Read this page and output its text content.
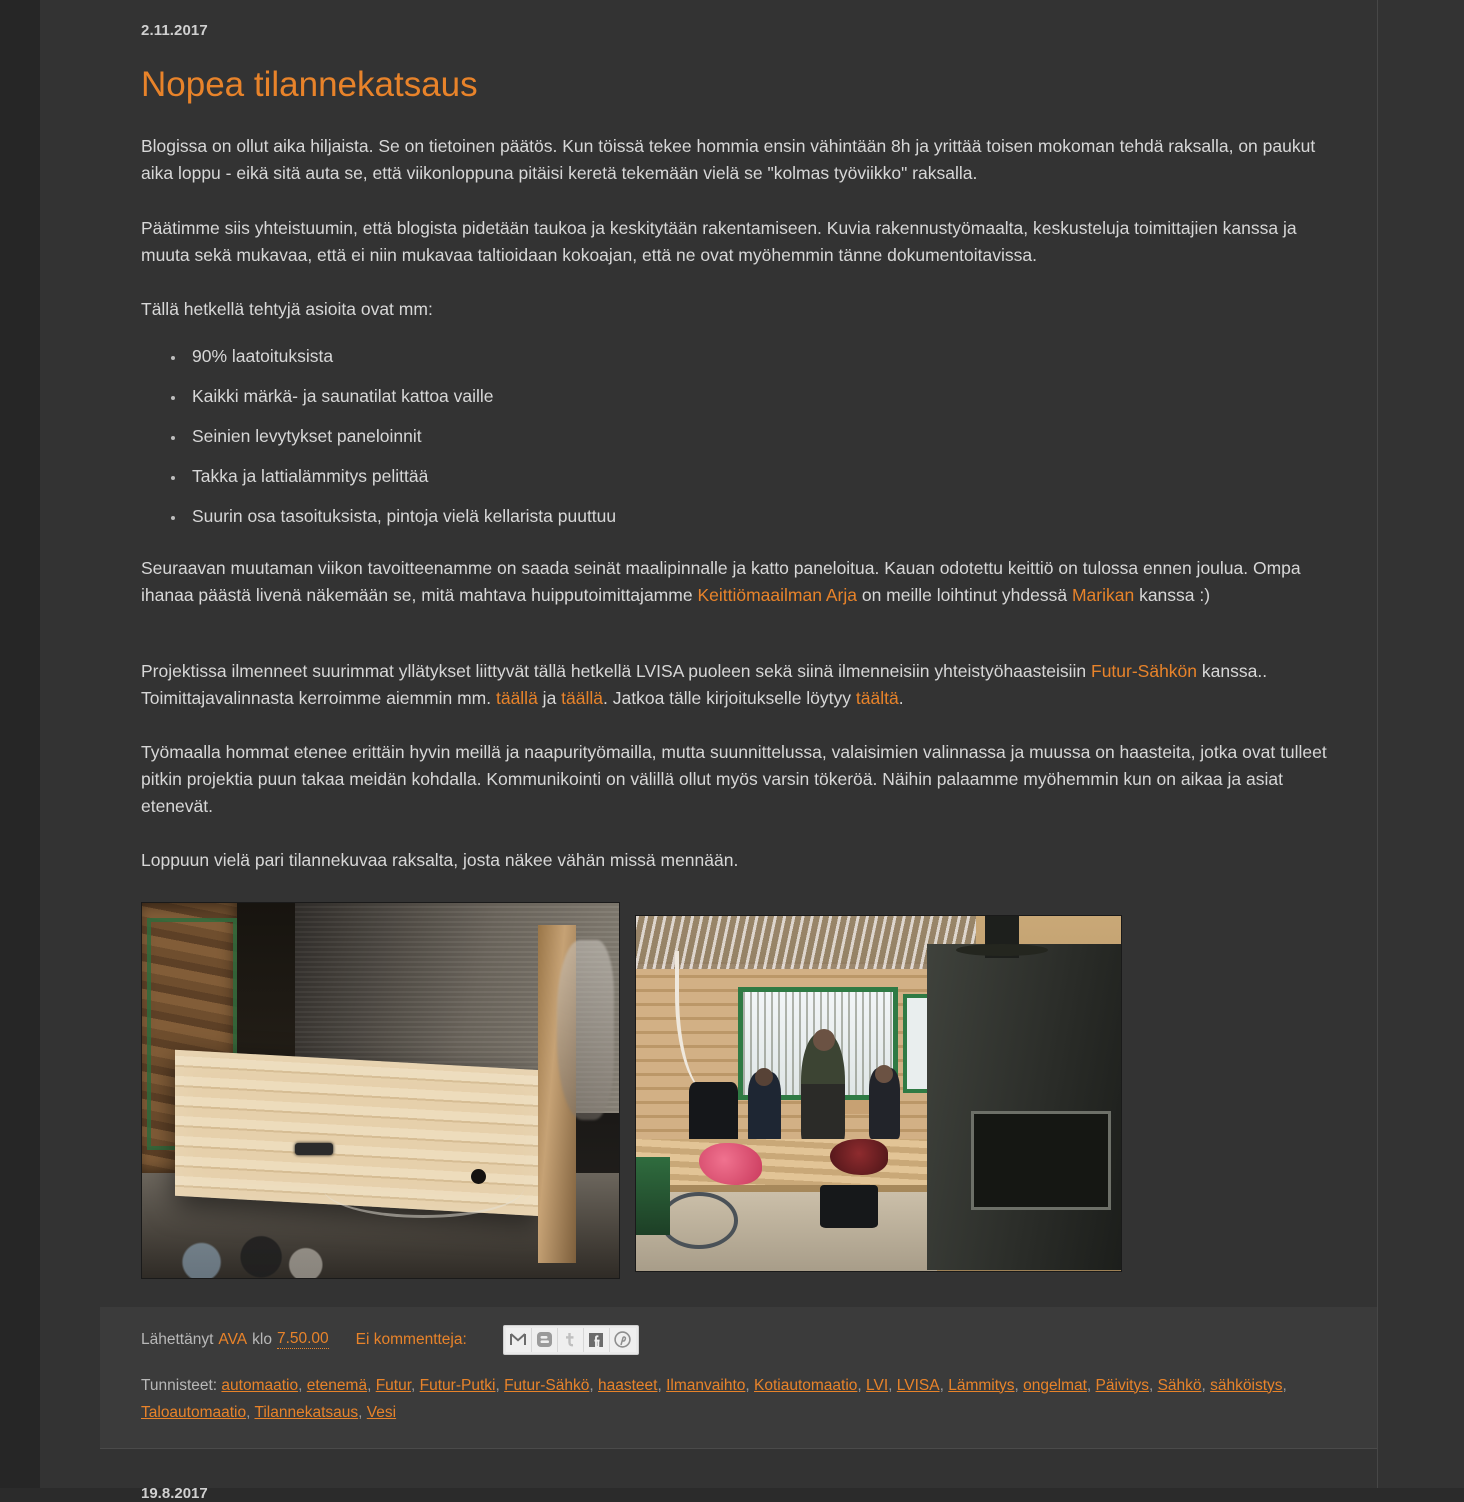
2.11.2017
Nopea tilannekatsaus

Blogissa on ollut aika hiljaista. Se on tietoinen päätös. Kun töissä tekee hommia ensin vähintään 8h ja yrittää toisen mokoman tehdä raksalla, on paukut aika loppu - eikä sitä auta se, että viikonloppuna pitäisi keretä tekemään vielä se "kolmas työviikko" raksalla.

Päätimme siis yhteistuumin, että blogista pidetään taukoa ja keskitytään rakentamiseen. Kuvia rakennustyömaalta, keskusteluja toimittajien kanssa ja muuta sekä mukavaa, että ei niin mukavaa taltioidaan kokoajan, että ne ovat myöhemmin tänne dokumentoitavissa.

Tällä hetkellä tehtyjä asioita ovat mm:

• 90% laatoituksista
• Kaikki märkä- ja saunatilat kattoa vaille
• Seinien levytykset paneloinnit
• Takka ja lattialämmitys pelittää
• Suurin osa tasoituksista, pintoja vielä kellarista puuttuu

Seuraavan muutaman viikon tavoitteenamme on saada seinät maalipinnalle ja katto paneloitua. Kauan odotettu keittiö on tulossa ennen joulua. Ompa ihanaa päästä livenä näkemään se, mitä mahtava huipputoimittajamme Keittiömaailman Arja on meille loihtinut yhdessä Marikan kanssa :)

Projektissa ilmenneet suurimmat yllätykset liittyvät tällä hetkellä LVISA puoleen sekä siinä ilmenneisiin yhteistyöhaasteisiin Futur-Sähkön kanssa.. Toimittajavalinnasta kerroimme aiemmin mm. täällä ja täällä. Jatkoa tälle kirjoitukselle löytyy täältä.

Työmaalla hommat etenee erittäin hyvin meillä ja naapurityömailla, mutta suunnittelussa, valaisimien valinnassa ja muussa on haasteita, jotka ovat tulleet pitkin projektia puun takaa meidän kohdalla. Kommunikointi on välillä ollut myös varsin tökeröä. Näihin palaamme myöhemmin kun on aikaa ja asiat etenevät.

Loppuun vielä pari tilannekuvaa raksalta, josta näkee vähän missä mennään.

Lähettänyt AVA klo 7.50.00 Ei kommentteja:
Tunnisteet: automaatio, etenemä, Futur, Futur-Putki, Futur-Sähkö, haasteet, Ilmanvaihto, Kotiautomaatio, LVI, LVISA, Lämmitys, ongelmat, Päivitys, Sähkö, sähköistys, Taloautomaatio, Tilannekatsaus, Vesi
19.8.2017
